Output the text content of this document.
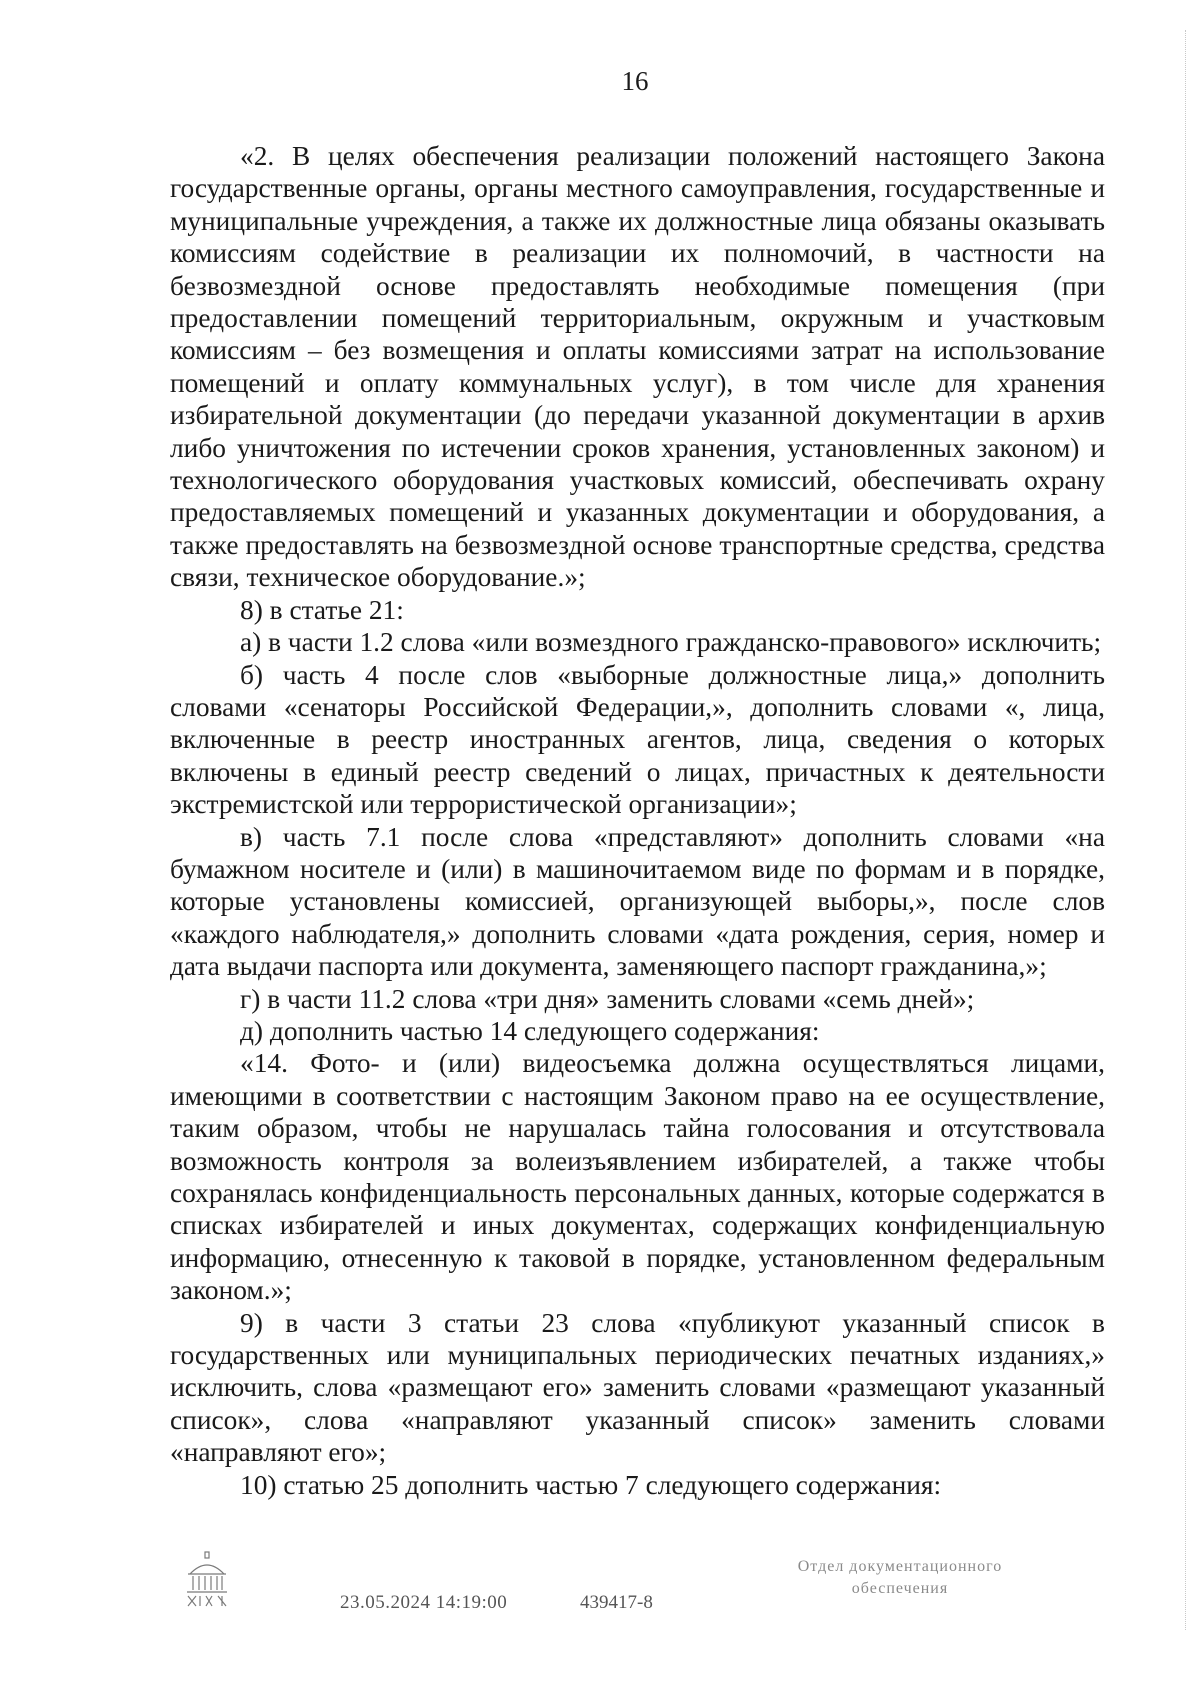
16

«2. В целях обеспечения реализации положений настоящего Закона государственные органы, органы местного самоуправления, государственные и муниципальные учреждения, а также их должностные лица обязаны оказывать комиссиям содействие в реализации их полномочий, в частности на безвозмездной основе предоставлять необходимые помещения (при предоставлении помещений территориальным, окружным и участковым комиссиям – без возмещения и оплаты комиссиями затрат на использование помещений и оплату коммунальных услуг), в том числе для хранения избирательной документации (до передачи указанной документации в архив либо уничтожения по истечении сроков хранения, установленных законом) и технологического оборудования участковых комиссий, обеспечивать охрану предоставляемых помещений и указанных документации и оборудования, а также предоставлять на безвозмездной основе транспортные средства, средства связи, техническое оборудование.»;

8) в статье 21:

а) в части 1.2 слова «или возмездного гражданско-правового» исключить;

б) часть 4 после слов «выборные должностные лица,» дополнить словами «сенаторы Российской Федерации,», дополнить словами «, лица, включенные в реестр иностранных агентов, лица, сведения о которых включены в единый реестр сведений о лицах, причастных к деятельности экстремистской или террористической организации»;

в) часть 7.1 после слова «представляют» дополнить словами «на бумажном носителе и (или) в машиночитаемом виде по формам и в порядке, которые установлены комиссией, организующей выборы,», после слов «каждого наблюдателя,» дополнить словами «дата рождения, серия, номер и дата выдачи паспорта или документа, заменяющего паспорт гражданина,»;

г) в части 11.2 слова «три дня» заменить словами «семь дней»;

д) дополнить частью 14 следующего содержания:

«14. Фото- и (или) видеосъемка должна осуществляться лицами, имеющими в соответствии с настоящим Законом право на ее осуществление, таким образом, чтобы не нарушалась тайна голосования и отсутствовала возможность контроля за волеизъявлением избирателей, а также чтобы сохранялась конфиденциальность персональных данных, которые содержатся в списках избирателей и иных документах, содержащих конфиденциальную информацию, отнесенную к таковой в порядке, установленном федеральным законом.»;

9) в части 3 статьи 23 слова «публикуют указанный список в государственных или муниципальных периодических печатных изданиях,» исключить, слова «размещают его» заменить словами «размещают указанный список», слова «направляют указанный список» заменить словами «направляют его»;

10) статью 25 дополнить частью 7 следующего содержания:

23.05.2024 14:19:00	439417-8
Отдел документационного
обеспечения
